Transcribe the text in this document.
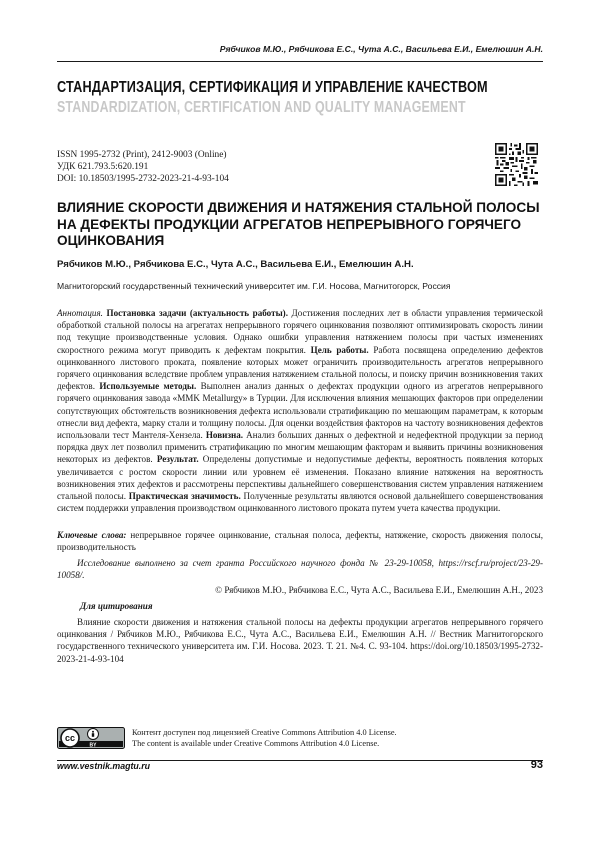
Рябчиков М.Ю., Рябчикова Е.С., Чута А.С., Васильева Е.И., Емелюшин А.Н.
СТАНДАРТИЗАЦИЯ, СЕРТИФИКАЦИЯ И УПРАВЛЕНИЕ КАЧЕСТВОМ
STANDARDIZATION, CERTIFICATION AND QUALITY MANAGEMENT
ISSN 1995-2732 (Print), 2412-9003 (Online)
УДК 621.793.5:620.191
DOI: 10.18503/1995-2732-2023-21-4-93-104
ВЛИЯНИЕ СКОРОСТИ ДВИЖЕНИЯ И НАТЯЖЕНИЯ СТАЛЬНОЙ ПОЛОСЫ НА ДЕФЕКТЫ ПРОДУКЦИИ АГРЕГАТОВ НЕПРЕРЫВНОГО ГОРЯЧЕГО ОЦИНКОВАНИЯ
Рябчиков М.Ю., Рябчикова Е.С., Чута А.С., Васильева Е.И., Емелюшин А.Н.
Магнитогорский государственный технический университет им. Г.И. Носова, Магнитогорск, Россия

Аннотация. Постановка задачи (актуальность работы). Достижения последних лет в области управления термической обработкой стальной полосы на агрегатах непрерывного горячего оцинкования позволяют оптимизировать скорость линии под текущие производственные условия. Однако ошибки управления натяжением полосы при частых изменениях скоростного режима могут приводить к дефектам покрытия. Цель работы. Работа посвящена определению дефектов оцинкованного листового проката, появление которых может ограничить производительность агрегатов непрерывного горячего оцинкования вследствие проблем управления натяжением стальной полосы, и поиску причин возникновения таких дефектов. Используемые методы. Выполнен анализ данных о дефектах продукции одного из агрегатов непрерывного горячего оцинкования завода «MMK Metallurgy» в Турции. Для исключения влияния мешающих факторов при определении сопутствующих обстоятельств возникновения дефекта использовали стратификацию по мешающим параметрам, к которым отнесли вид дефекта, марку стали и толщину полосы. Для оценки воздействия факторов на частоту возникновения дефектов использовали тест Мантеля-Хензела. Новизна. Анализ больших данных о дефектной и недефектной продукции за период порядка двух лет позволил применить стратификацию по многим мешающим факторам и выявить причины возникновения некоторых из дефектов. Результат. Определены допустимые и недопустимые дефекты, вероятность появления которых увеличивается с ростом скорости линии или уровнем её изменения. Показано влияние натяжения на вероятность возникновения этих дефектов и рассмотрены перспективы дальнейшего совершенствования систем управления натяжением стальной полосы. Практическая значимость. Полученные результаты являются основой дальнейшего совершенствования систем поддержки управления производством оцинкованного листового проката путем учета качества продукции.

Ключевые слова: непрерывное горячее оцинкование, стальная полоса, дефекты, натяжение, скорость движения полосы, производительность

Исследование выполнено за счет гранта Российского научного фонда № 23-29-10058, https://rscf.ru/project/23-29-10058/.

© Рябчиков М.Ю., Рябчикова Е.С., Чута А.С., Васильева Е.И., Емелюшин А.Н., 2023
Для цитирования

Влияние скорости движения и натяжения стальной полосы на дефекты продукции агрегатов непрерывного горячего оцинкования / Рябчиков М.Ю., Рябчикова Е.С., Чута А.С., Васильева Е.И., Емелюшин А.Н. // Вестник Магнитогорского государственного технического университета им. Г.И. Носова. 2023. Т. 21. №4. С. 93-104. https://doi.org/10.18503/1995-2732-2023-21-4-93-104

cc
BY
Контент доступен под лицензией Creative Commons Attribution 4.0 License.
The content is available under Creative Commons Attribution 4.0 License.
www.vestnik.magtu.ru	93
